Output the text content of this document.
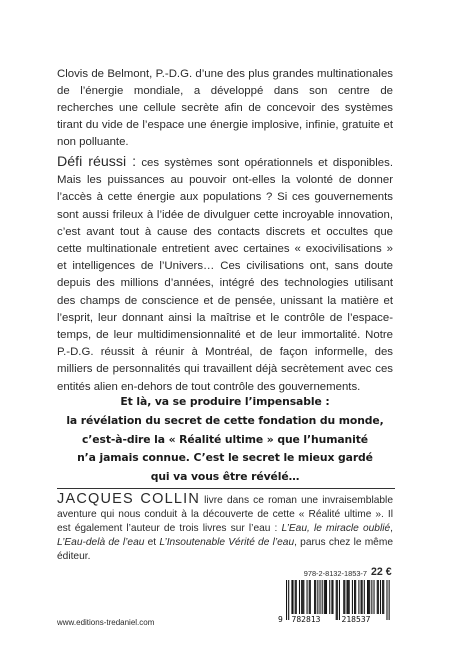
Clovis de Belmont, P.-D.G. d’une des plus grandes multinationales de l’énergie mondiale, a développé dans son centre de recherches une cellule secrète afin de concevoir des systèmes tirant du vide de l’espace une énergie implosive, infinie, gratuite et non polluante.

Défi réussi : ces systèmes sont opérationnels et disponibles. Mais les puissances au pouvoir ont-elles la volonté de donner l’accès à cette énergie aux populations ? Si ces gouvernements sont aussi frileux à l’idée de divulguer cette incroyable innovation, c’est avant tout à cause des contacts discrets et occultes que cette multinationale entretient avec certaines « exocivilisations » et intelligences de l’Univers… Ces civilisations ont, sans doute depuis des millions d’années, intégré des technologies utilisant des champs de conscience et de pensée, unissant la matière et l’esprit, leur donnant ainsi la maîtrise et le contrôle de l’espace-temps, de leur multidimensionnalité et de leur immortalité. Notre P.-D.G. réussit à réunir à Montréal, de façon informelle, des milliers de personnalités qui travaillent déjà secrètement avec ces entités alien en-dehors de tout contrôle des gouvernements.

Et là, va se produire l’impensable :
la révélation du secret de cette fondation du monde,
c’est-à-dire la « Réalité ultime » que l’humanité
n’a jamais connue. C’est le secret le mieux gardé
qui va vous être révélé…

JACQUES COLLIN livre dans ce roman une invraisemblable aventure qui nous conduit à la découverte de cette « Réalité ultime ». Il est également l’auteur de trois livres sur l’eau : L’Eau, le miracle oublié, L’Eau-delà de l’eau et L’Insoutenable Vérité de l’eau, parus chez le même éditeur.

978-2-8132-1853-7 22 €
9 782813	218537
www.editions-tredaniel.com
